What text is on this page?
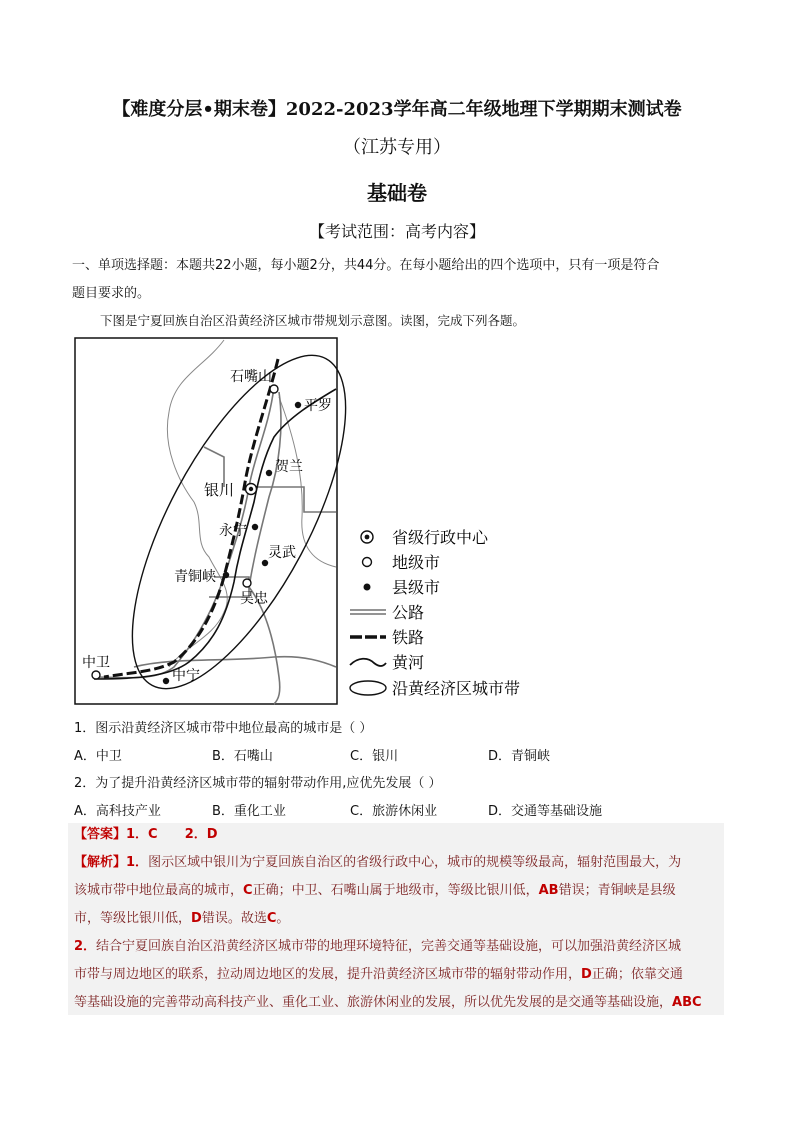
【难度分层•期末卷】2022-2023学年高二年级地理下学期期末测试卷
（江苏专用）
基础卷
【考试范围：高考内容】
一、单项选择题：本题共22小题，每小题2分，共44分。在每小题给出的四个选项中，只有一项是符合
题目要求的。
下图是宁夏回族自治区沿黄经济区城市带规划示意图。读图，完成下列各题。
石嘴山
平罗
贺兰
银川
永宁
灵武
青铜峡
吴忠
中卫
中宁
省级行政中心
地级市
县级市
公路
铁路
黄河
沿黄经济区城市带
1．图示沿黄经济区城市带中地位最高的城市是（ ）
A．中卫	B．石嘴山	C．银川	D．青铜峡
2．为了提升沿黄经济区城市带的辐射带动作用,应优先发展（ ）
A．高科技产业	B．重化工业	C．旅游休闲业	D．交通等基础设施
【答案】1．C      2．D
【解析】1．图示区域中银川为宁夏回族自治区的省级行政中心，城市的规模等级最高，辐射范围最大，为
该城市带中地位最高的城市，C正确；中卫、石嘴山属于地级市，等级比银川低，AB错误；青铜峡是县级
市，等级比银川低，D错误。故选C。
2．结合宁夏回族自治区沿黄经济区城市带的地理环境特征，完善交通等基础设施，可以加强沿黄经济区城
市带与周边地区的联系，拉动周边地区的发展，提升沿黄经济区城市带的辐射带动作用，D正确；依靠交通
等基础设施的完善带动高科技产业、重化工业、旅游休闲业的发展，所以优先发展的是交通等基础设施，ABC
